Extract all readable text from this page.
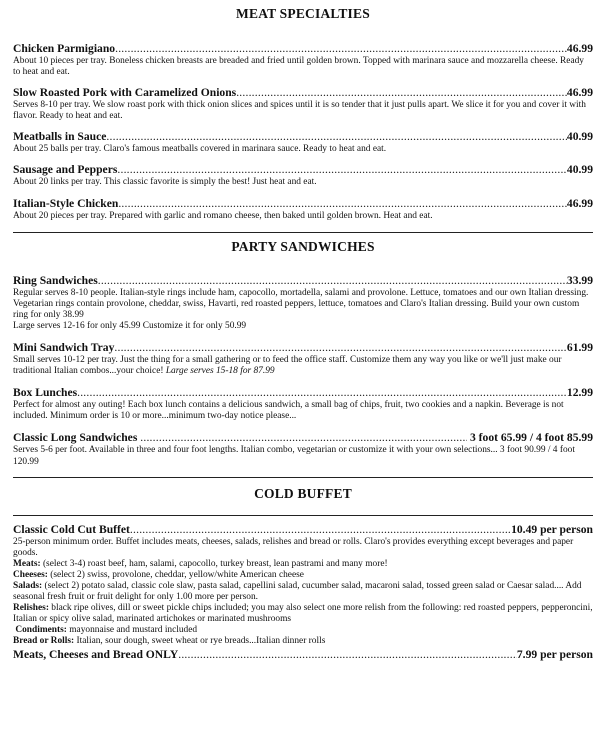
MEAT SPECIALTIES
Chicken Parmigiano .....	46.99

About 10 pieces per tray. Boneless chicken breasts are breaded and fried until golden brown. Topped with marinara sauce and mozzarella cheese. Ready to heat and eat.

Slow Roasted Pork with Caramelized Onions .....	46.99

Serves 8-10 per tray. We slow roast pork with thick onion slices and spices until it is so tender that it just pulls apart. We slice it for you and cover it with flavor. Ready to heat and eat.

Meatballs in Sauce .....	40.99

About 25 balls per tray. Claro's famous meatballs covered in marinara sauce. Ready to heat and eat.

Sausage and Peppers .....	40.99

About 20 links per tray. This classic favorite is simply the best! Just heat and eat.

Italian-Style Chicken .....	46.99

About 20 pieces per tray. Prepared with garlic and romano cheese, then baked until golden brown. Heat and eat.

PARTY SANDWICHES
Ring Sandwiches .....	33.99

Regular serves 8-10 people. Italian-style rings include ham, capocollo, mortadella, salami and provolone. Lettuce, tomatoes and our own Italian dressing. Vegetarian rings contain provolone, cheddar, swiss, Havarti, red roasted peppers, lettuce, tomatoes and Claro's Italian dressing. Build your own custom ring for only 38.99

Large serves 12-16 for only 45.99 Customize it for only 50.99

Mini Sandwich Tray .....	61.99

Small serves 10-12 per tray. Just the thing for a small gathering or to feed the office staff. Customize them any way you like or we'll just make our traditional Italian combos...your choice! Large serves 15-18 for 87.99

Box Lunches .....	12.99

Perfect for almost any outing! Each box lunch contains a delicious sandwich, a small bag of chips, fruit, two cookies and a napkin. Beverage is not included. Minimum order is 10 or more...minimum two-day notice please...

Classic Long Sandwiches .....	3 foot 65.99 / 4 foot 85.99

Serves 5-6 per foot. Available in three and four foot lengths. Italian combo, vegetarian or customize it with your own selections... 3 foot 90.99 / 4 foot 120.99

COLD BUFFET
Classic Cold Cut Buffet .....	10.49 per person

25-person minimum order. Buffet includes meats, cheeses, salads, relishes and bread or rolls. Claro's provides everything except beverages and paper goods.

Meats: (select 3-4) roast beef, ham, salami, capocollo, turkey breast, lean pastrami and many more!

Cheeses: (select 2) swiss, provolone, cheddar, yellow/white American cheese

Salads: (select 2) potato salad, classic cole slaw, pasta salad, capellini salad, cucumber salad, macaroni salad, tossed green salad or Caesar salad.... Add seasonal fresh fruit or fruit delight for only 1.00 more per person.

Relishes: black ripe olives, dill or sweet pickle chips included; you may also select one more relish from the following: red roasted peppers, pepperoncini, Italian or spicy olive salad, marinated artichokes or marinated mushrooms

Condiments: mayonnaise and mustard included

Bread or Rolls: Italian, sour dough, sweet wheat or rye breads...Italian dinner rolls

Meats, Cheeses and Bread ONLY .....	7.99 per person
